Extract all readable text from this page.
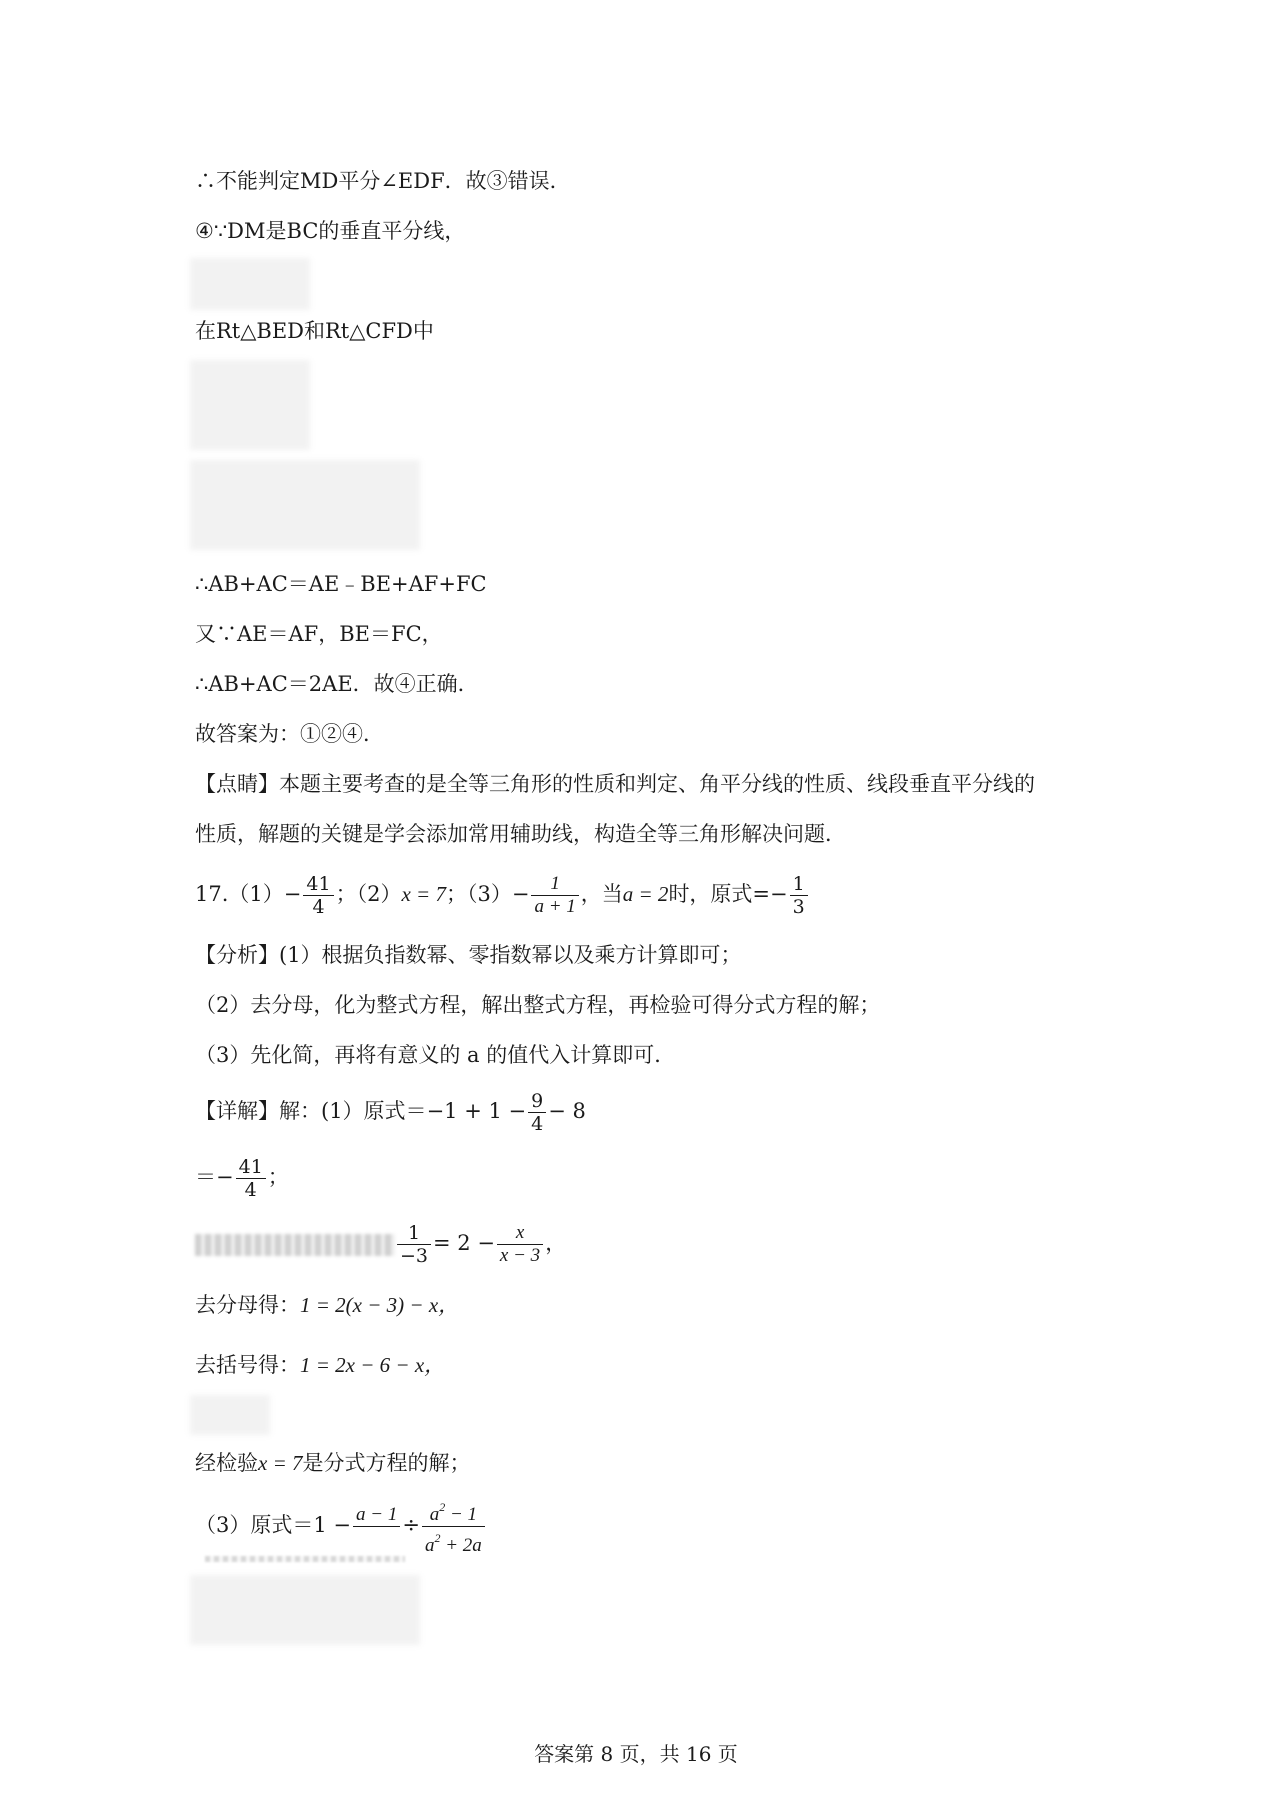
∴不能判定MD平分∠EDF．故③错误．
④∵DM是BC的垂直平分线，
在Rt△BED和Rt△CFD中
∴AB+AC＝AE﹣BE+AF+FC
又∵AE＝AF，BE＝FC，
∴AB+AC＝2AE．故④正确．
故答案为：①②④．
【点睛】本题主要考查的是全等三角形的性质和判定、角平分线的性质、线段垂直平分线的
性质，解题的关键是学会添加常用辅助线，构造全等三角形解决问题．
$17.(1)- \frac{41}{4}$ ；（2）x = 7；$(3)- \frac{1}{a + 1}$ ，当a = 2时，原式=− $\frac{1}{3}$
【分析】(1）根据负指数幂、零指数幂以及乘方计算即可；
（2）去分母，化为整式方程，解出整式方程，再检验可得分式方程的解；
（3）先化简，再将有意义的 a 的值代入计算即可．
【详解】解：(1）原式$=-1 + 1 - \frac{9}{4} - 8$
＝− $\frac{41}{4}$ ；
$\frac{1}{-3} = 2 - \frac{x}{x - 3}$ ，
去分母得：1 = 2(x − 3) − x，
去括号得：1 = 2x − 6 − x，
经检验x = 7是分式方程的解；
（3）原式＝1 − a − 1
÷ $\frac{a^2 - 1}{a^2 + 2a}$
答案第 8 页，共 16 页
